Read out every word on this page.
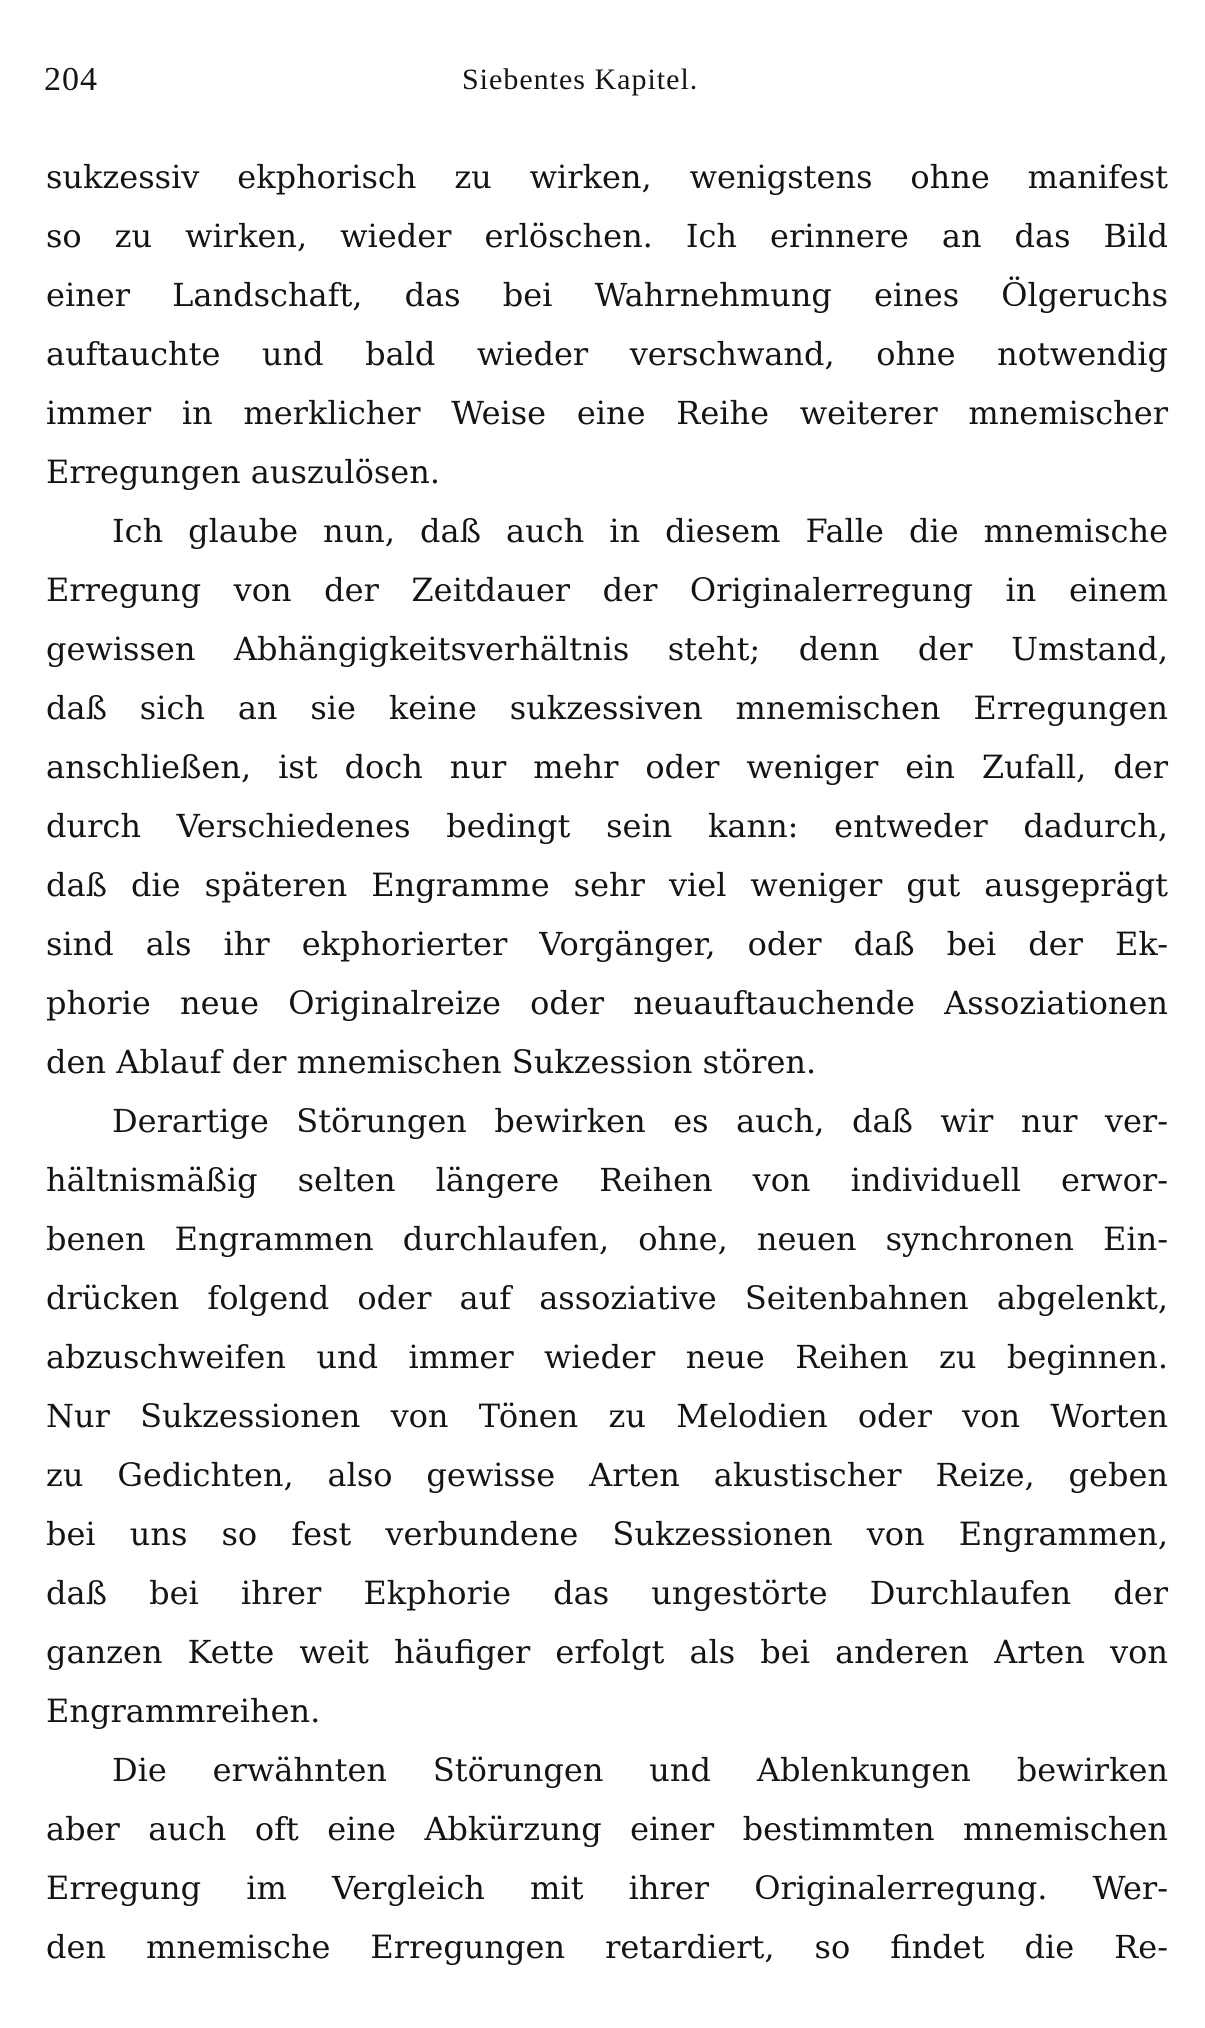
204	Siebentes Kapitel.
sukzessiv ekphorisch zu wirken, wenigstens ohne manifest
so zu wirken, wieder erlöschen. Ich erinnere an das Bild
einer Landschaft, das bei Wahrnehmung eines Ölgeruchs
auftauchte und bald wieder verschwand, ohne notwendig
immer in merklicher Weise eine Reihe weiterer mnemischer
Erregungen auszulösen.
Ich glaube nun, daß auch in diesem Falle die mnemische
Erregung von der Zeitdauer der Originalerregung in einem
gewissen Abhängigkeitsverhältnis steht; denn der Umstand,
daß sich an sie keine sukzessiven mnemischen Erregungen
anschließen, ist doch nur mehr oder weniger ein Zufall, der
durch Verschiedenes bedingt sein kann: entweder dadurch,
daß die späteren Engramme sehr viel weniger gut ausgeprägt
sind als ihr ekphorierter Vorgänger, oder daß bei der Ek-
phorie neue Originalreize oder neuauftauchende Assoziationen
den Ablauf der mnemischen Sukzession stören.
Derartige Störungen bewirken es auch, daß wir nur ver-
hältnismäßig selten längere Reihen von individuell erwor-
benen Engrammen durchlaufen, ohne, neuen synchronen Ein-
drücken folgend oder auf assoziative Seitenbahnen abgelenkt,
abzuschweifen und immer wieder neue Reihen zu beginnen.
Nur Sukzessionen von Tönen zu Melodien oder von Worten
zu Gedichten, also gewisse Arten akustischer Reize, geben
bei uns so fest verbundene Sukzessionen von Engrammen,
daß bei ihrer Ekphorie das ungestörte Durchlaufen der
ganzen Kette weit häufiger erfolgt als bei anderen Arten von
Engrammreihen.
Die erwähnten Störungen und Ablenkungen bewirken
aber auch oft eine Abkürzung einer bestimmten mnemischen
Erregung im Vergleich mit ihrer Originalerregung. Wer-
den mnemische Erregungen retardiert, so findet die Re-
